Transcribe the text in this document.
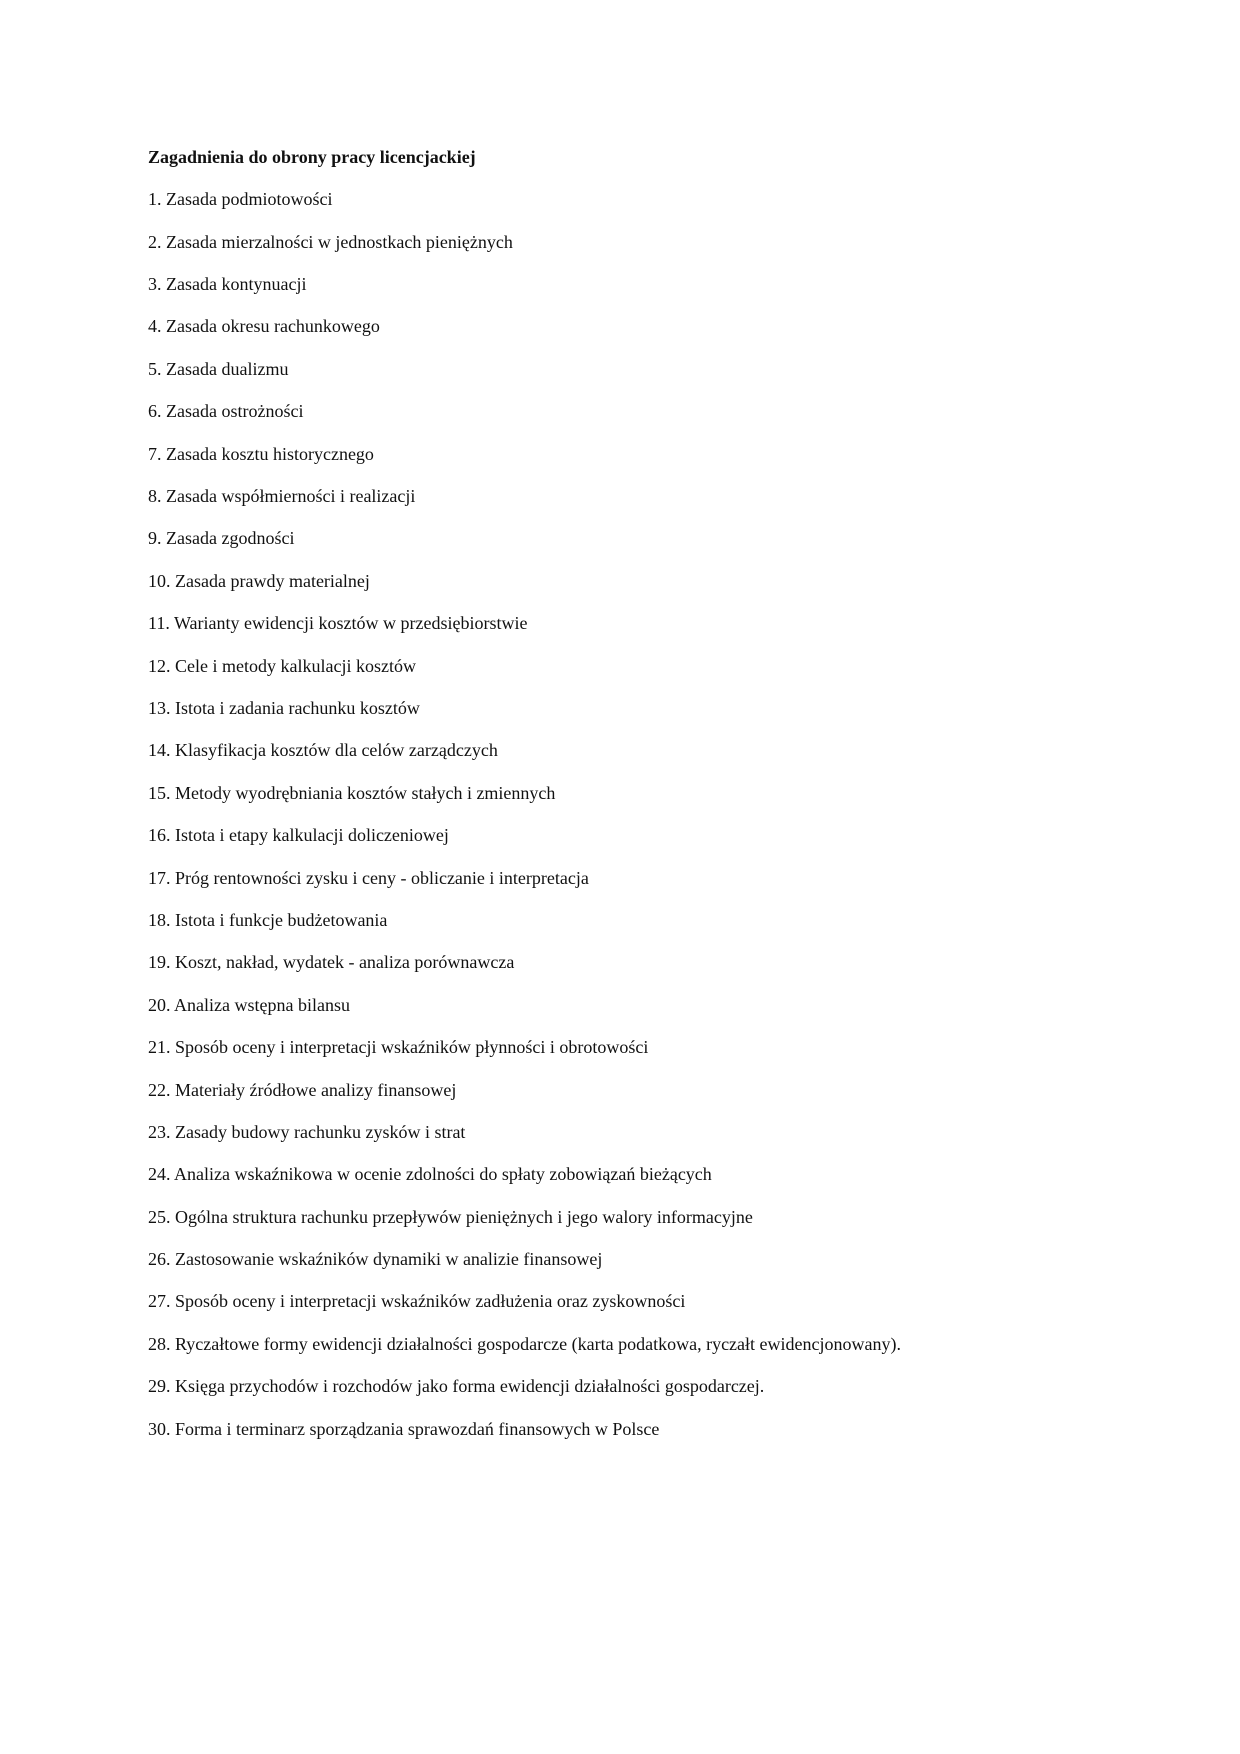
Zagadnienia do obrony pracy licencjackiej
1. Zasada podmiotowości
2. Zasada mierzalności w jednostkach pieniężnych
3. Zasada kontynuacji
4. Zasada okresu rachunkowego
5. Zasada dualizmu
6. Zasada ostrożności
7. Zasada kosztu historycznego
8. Zasada współmierności i realizacji
9. Zasada zgodności
10. Zasada prawdy materialnej
11. Warianty ewidencji kosztów w przedsiębiorstwie
12. Cele i metody kalkulacji kosztów
13. Istota i zadania rachunku kosztów
14. Klasyfikacja kosztów dla celów zarządczych
15. Metody wyodrębniania kosztów stałych i zmiennych
16. Istota i etapy kalkulacji doliczeniowej
17. Próg rentowności zysku i ceny - obliczanie i interpretacja
18. Istota i funkcje budżetowania
19. Koszt, nakład, wydatek - analiza porównawcza
20. Analiza wstępna bilansu
21. Sposób oceny i interpretacji wskaźników płynności i obrotowości
22. Materiały źródłowe analizy finansowej
23. Zasady budowy rachunku zysków i strat
24. Analiza wskaźnikowa w ocenie zdolności do spłaty zobowiązań bieżących
25. Ogólna struktura rachunku przepływów pieniężnych i jego walory informacyjne
26. Zastosowanie wskaźników dynamiki w analizie finansowej
27. Sposób oceny i interpretacji wskaźników zadłużenia oraz zyskowności
28. Ryczałtowe formy ewidencji działalności gospodarcze (karta podatkowa, ryczałt ewidencjonowany).
29. Księga przychodów i rozchodów jako forma ewidencji działalności gospodarczej.
30. Forma i terminarz sporządzania sprawozdań finansowych w Polsce
